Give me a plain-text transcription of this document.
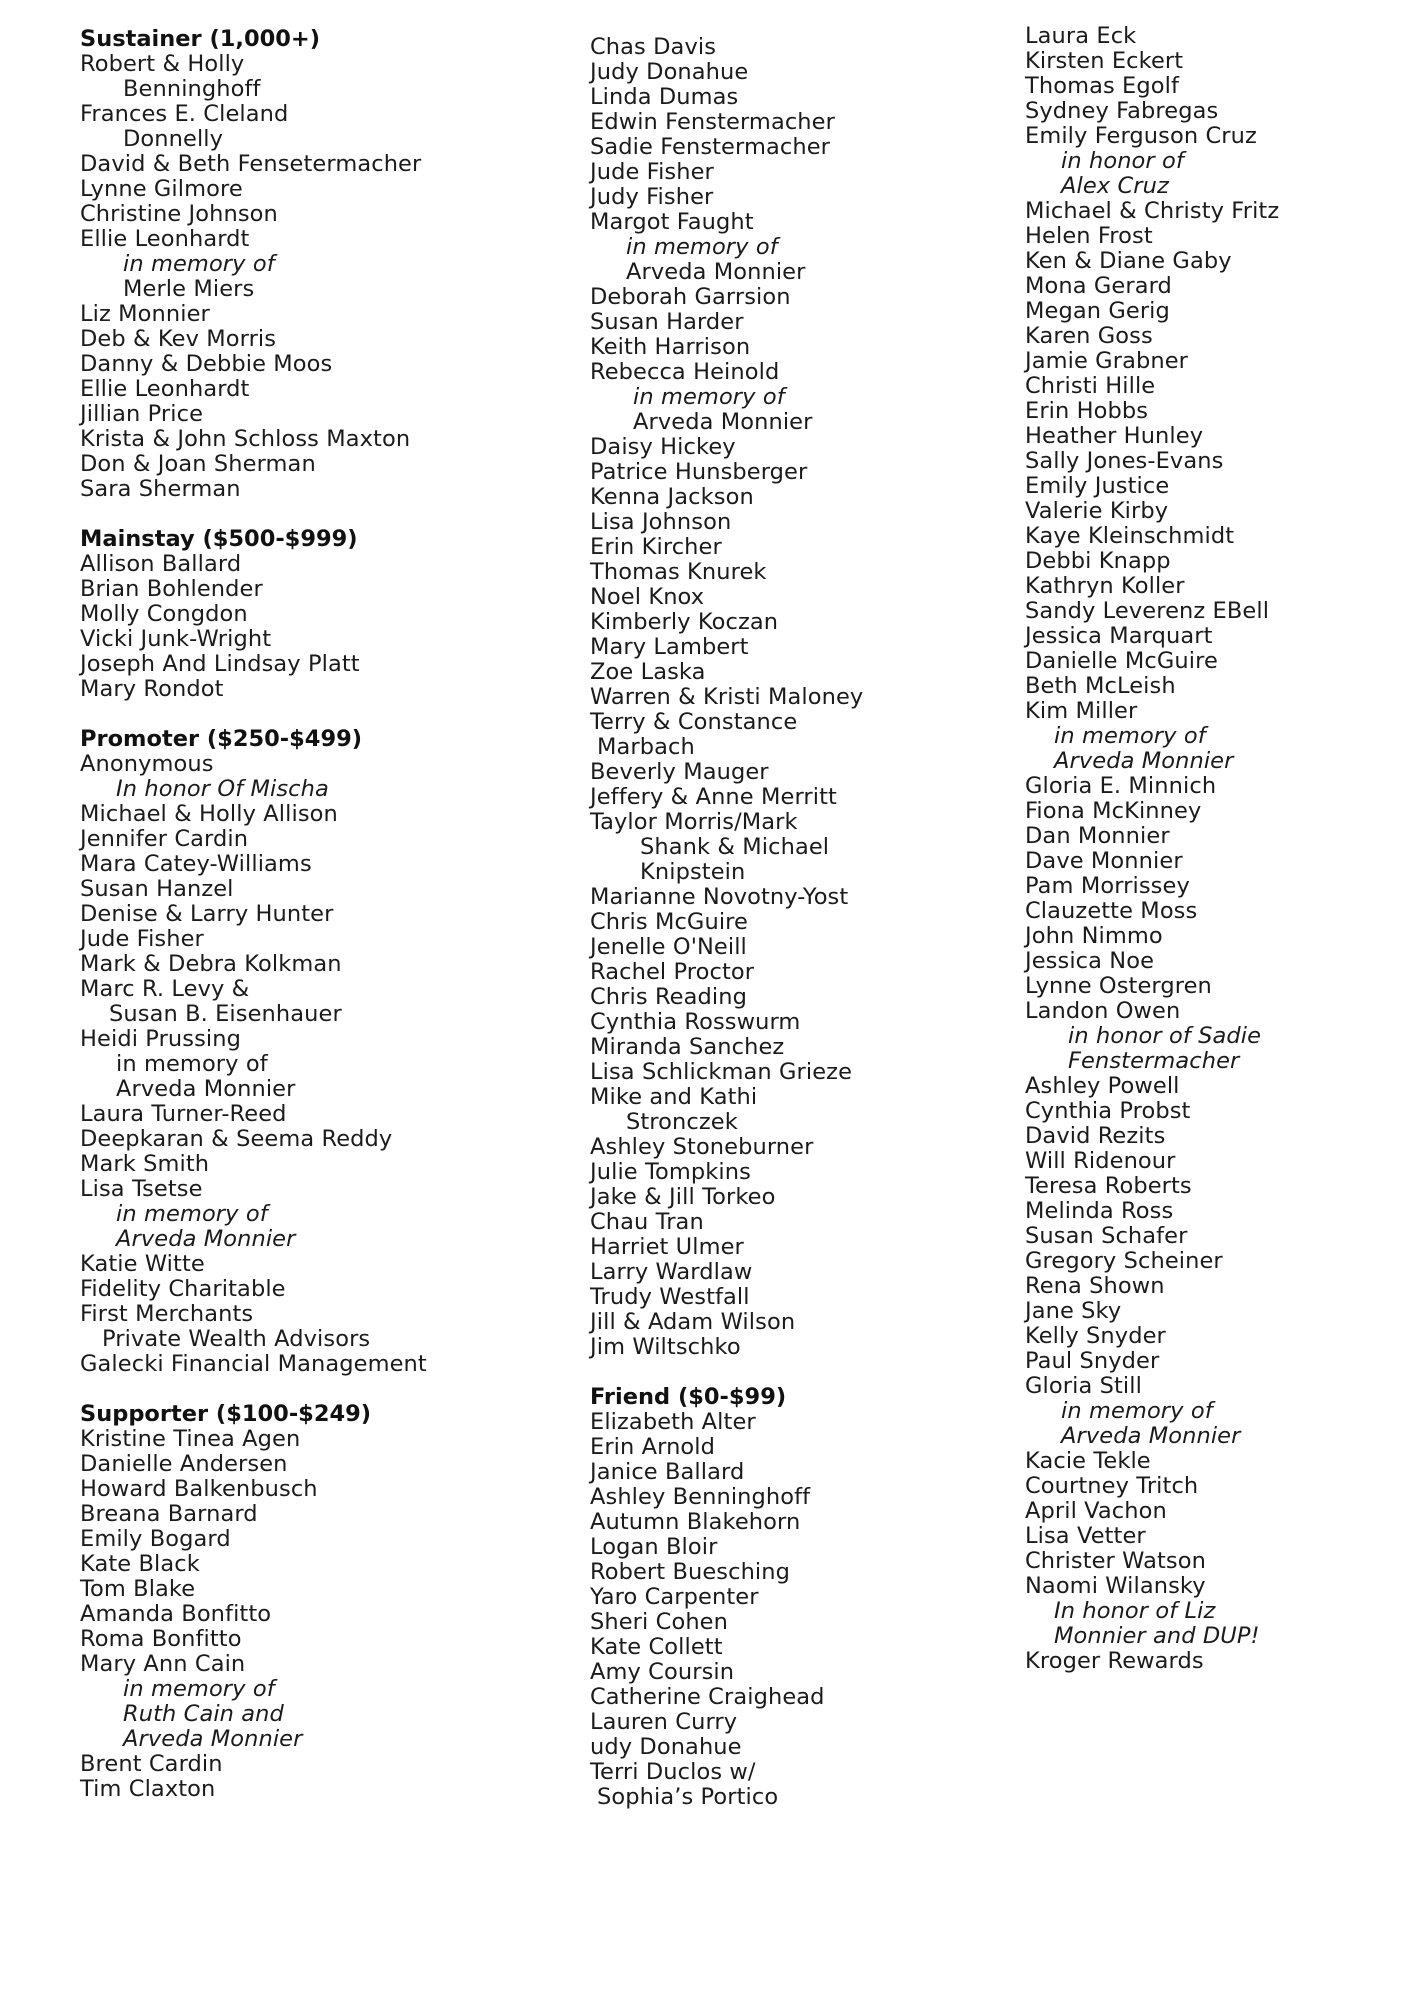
Sustainer (1,000+)
Robert & Holly
Benninghoff
Frances E. Cleland
Donnelly
David & Beth Fensetermacher
Lynne Gilmore
Christine Johnson
Ellie Leonhardt
in memory of
Merle Miers
Liz Monnier
Deb & Kev Morris
Danny & Debbie Moos
Ellie Leonhardt
Jillian Price
Krista & John Schloss Maxton
Don & Joan Sherman
Sara Sherman
Mainstay ($500-$999)
Allison Ballard
Brian Bohlender
Molly Congdon
Vicki Junk-Wright
Joseph And Lindsay Platt
Mary Rondot
Promoter ($250-$499)
Anonymous
In honor Of Mischa
Michael & Holly Allison
Jennifer Cardin
Mara Catey-Williams
Susan Hanzel
Denise & Larry Hunter
Jude Fisher
Mark & Debra Kolkman
Marc R. Levy &
Susan B. Eisenhauer
Heidi Prussing
in memory of
Arveda Monnier
Laura Turner-Reed
Deepkaran & Seema Reddy
Mark Smith
Lisa Tsetse
in memory of
Arveda Monnier
Katie Witte
Fidelity Charitable
First Merchants
Private Wealth Advisors
Galecki Financial Management
Supporter ($100-$249)
Kristine Tinea Agen
Danielle Andersen
Howard Balkenbusch
Breana Barnard
Emily Bogard
Kate Black
Tom Blake
Amanda Bonfitto
Roma Bonfitto
Mary Ann Cain
in memory of
Ruth Cain and
Arveda Monnier
Brent Cardin
Tim Claxton
Chas Davis
Judy Donahue
Linda Dumas
Edwin Fenstermacher
Sadie Fenstermacher
Jude Fisher
Judy Fisher
Margot Faught
in memory of
Arveda Monnier
Deborah Garrsion
Susan Harder
Keith Harrison
Rebecca Heinold
in memory of
Arveda Monnier
Daisy Hickey
Patrice Hunsberger
Kenna Jackson
Lisa Johnson
Erin Kircher
Thomas Knurek
Noel Knox
Kimberly Koczan
Mary Lambert
Zoe Laska
Warren & Kristi Maloney
Terry & Constance
Marbach
Beverly Mauger
Jeffery & Anne Merritt
Taylor Morris/Mark
Shank & Michael
Knipstein
Marianne Novotny-Yost
Chris McGuire
Jenelle O'Neill
Rachel Proctor
Chris Reading
Cynthia Rosswurm
Miranda Sanchez
Lisa Schlickman Grieze
Mike and Kathi
Stronczek
Ashley Stoneburner
Julie Tompkins
Jake & Jill Torkeo
Chau Tran
Harriet Ulmer
Larry Wardlaw
Trudy Westfall
Jill & Adam Wilson
Jim Wiltschko
Friend ($0-$99)
Elizabeth Alter
Erin Arnold
Janice Ballard
Ashley Benninghoff
Autumn Blakehorn
Logan Bloir
Robert Buesching
Yaro Carpenter
Sheri Cohen
Kate Collett
Amy Coursin
Catherine Craighead
Lauren Curry
udy Donahue
Terri Duclos w/
Sophia’s Portico
Laura Eck
Kirsten Eckert
Thomas Egolf
Sydney Fabregas
Emily Ferguson Cruz
in honor of
Alex Cruz
Michael & Christy Fritz
Helen Frost
Ken & Diane Gaby
Mona Gerard
Megan Gerig
Karen Goss
Jamie Grabner
Christi Hille
Erin Hobbs
Heather Hunley
Sally Jones-Evans
Emily Justice
Valerie Kirby
Kaye Kleinschmidt
Debbi Knapp
Kathryn Koller
Sandy Leverenz EBell
Jessica Marquart
Danielle McGuire
Beth McLeish
Kim Miller
in memory of
Arveda Monnier
Gloria E. Minnich
Fiona McKinney
Dan Monnier
Dave Monnier
Pam Morrissey
Clauzette Moss
John Nimmo
Jessica Noe
Lynne Ostergren
Landon Owen
in honor of Sadie
Fenstermacher
Ashley Powell
Cynthia Probst
David Rezits
Will Ridenour
Teresa Roberts
Melinda Ross
Susan Schafer
Gregory Scheiner
Rena Shown
Jane Sky
Kelly Snyder
Paul Snyder
Gloria Still
in memory of
Arveda Monnier
Kacie Tekle
Courtney Tritch
April Vachon
Lisa Vetter
Christer Watson
Naomi Wilansky
In honor of Liz
Monnier and DUP!
Kroger Rewards
